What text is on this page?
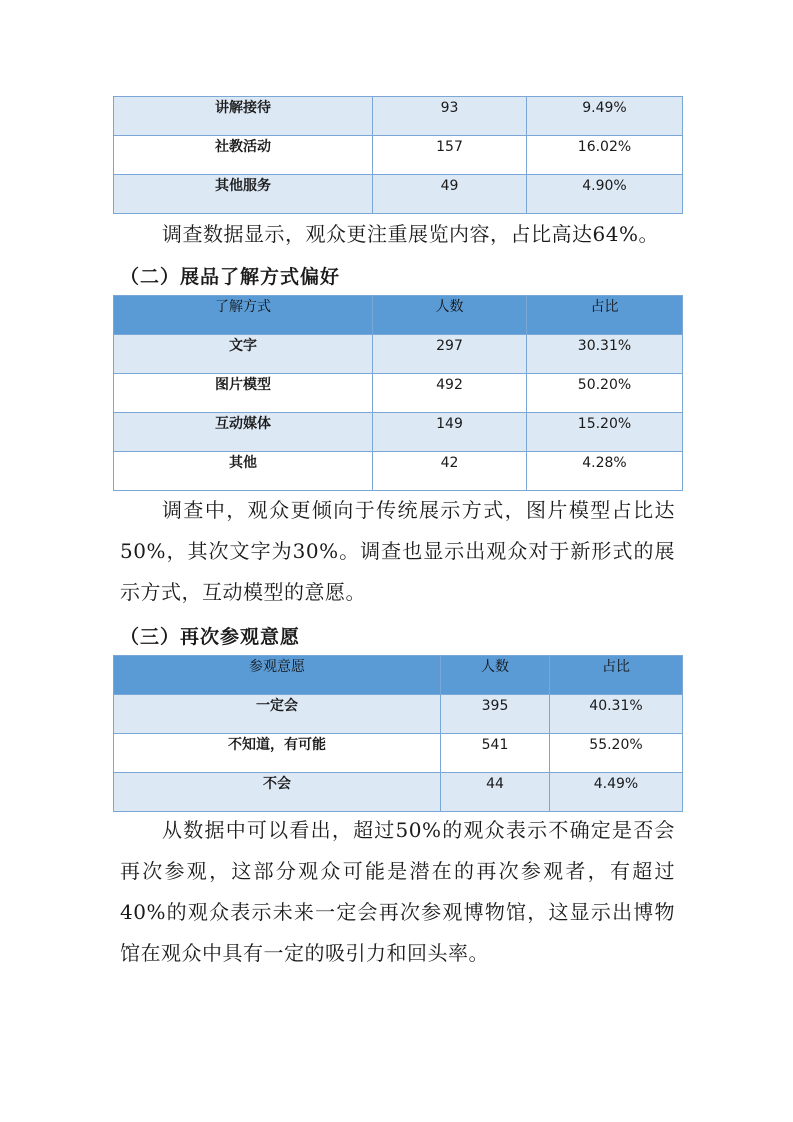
讲解接待	93	9.49%
社教活动	157	16.02%
其他服务	49	4.90%

调查数据显示，观众更注重展览内容，占比高达64%。

（二）展品了解方式偏好
了解方式	人数	占比
文字	297	30.31%
图片模型	492	50.20%
互动媒体	149	15.20%
其他	42	4.28%

调查中，观众更倾向于传统展示方式，图片模型占比达50%，其次文字为30%。调查也显示出观众对于新形式的展示方式，互动模型的意愿。

（三）再次参观意愿
参观意愿	人数	占比
一定会	395	40.31%
不知道，有可能	541	55.20%
不会	44	4.49%

从数据中可以看出，超过50%的观众表示不确定是否会再次参观，这部分观众可能是潜在的再次参观者，有超过40%的观众表示未来一定会再次参观博物馆，这显示出博物馆在观众中具有一定的吸引力和回头率。
